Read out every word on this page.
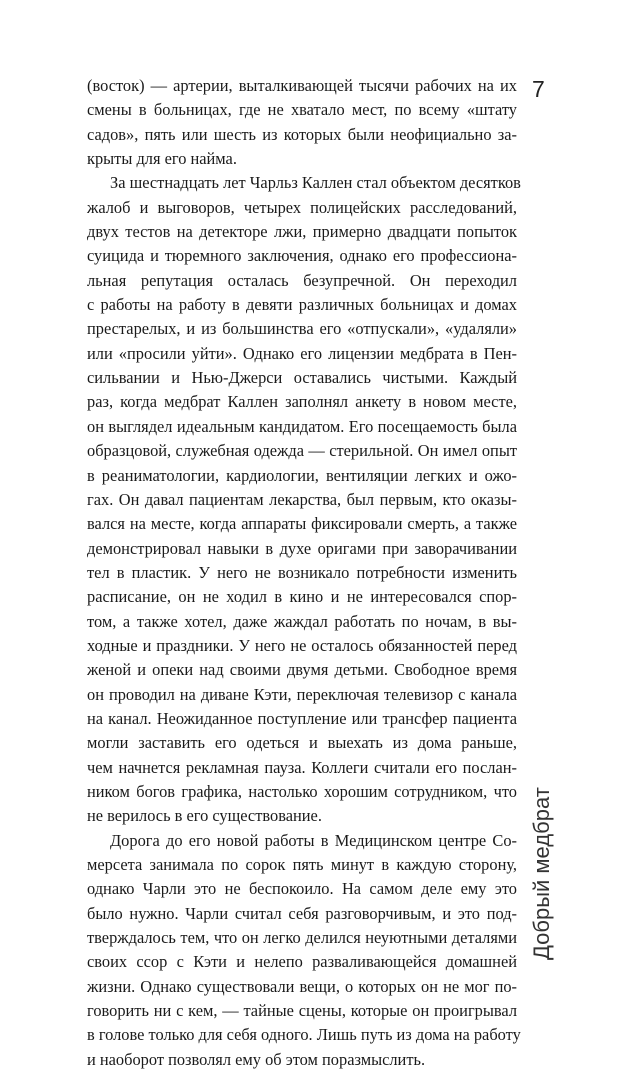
7
(восток) — артерии, выталкивающей тысячи рабочих на их
смены в больницах, где не хватало мест, по всему «штату
садов», пять или шесть из которых были неофициально за-
крыты для его найма.
За шестнадцать лет Чарльз Каллен стал объектом десятков
жалоб и выговоров, четырех полицейских расследований,
двух тестов на детекторе лжи, примерно двадцати попыток
суицида и тюремного заключения, однако его профессиона-
льная репутация осталась безупречной. Он переходил
с работы на работу в девяти различных больницах и домах
престарелых, и из большинства его «отпускали», «удаляли»
или «просили уйти». Однако его лицензии медбрата в Пен-
сильвании и Нью-Джерси оставались чистыми. Каждый
раз, когда медбрат Каллен заполнял анкету в новом месте,
он выглядел идеальным кандидатом. Его посещаемость была
образцовой, служебная одежда — стерильной. Он имел опыт
в реаниматологии, кардиологии, вентиляции легких и ожо-
гах. Он давал пациентам лекарства, был первым, кто оказы-
вался на месте, когда аппараты фиксировали смерть, а также
демонстрировал навыки в духе оригами при заворачивании
тел в пластик. У него не возникало потребности изменить
расписание, он не ходил в кино и не интересовался спор-
том, а также хотел, даже жаждал работать по ночам, в вы-
ходные и праздники. У него не осталось обязанностей перед
женой и опеки над своими двумя детьми. Свободное время
он проводил на диване Кэти, переключая телевизор с канала
на канал. Неожиданное поступление или трансфер пациента
могли заставить его одеться и выехать из дома раньше,
чем начнется рекламная пауза. Коллеги считали его послан-
ником богов графика, настолько хорошим сотрудником, что
не верилось в его существование.
Дорога до его новой работы в Медицинском центре Со-
мерсета занимала по сорок пять минут в каждую сторону,
однако Чарли это не беспокоило. На самом деле ему это
было нужно. Чарли считал себя разговорчивым, и это под-
тверждалось тем, что он легко делился неуютными деталями
своих ссор с Кэти и нелепо разваливающейся домашней
жизни. Однако существовали вещи, о которых он не мог по-
говорить ни с кем, — тайные сцены, которые он проигрывал
в голове только для себя одного. Лишь путь из дома на работу
и наоборот позволял ему об этом поразмыслить.
Добрый медбрат
